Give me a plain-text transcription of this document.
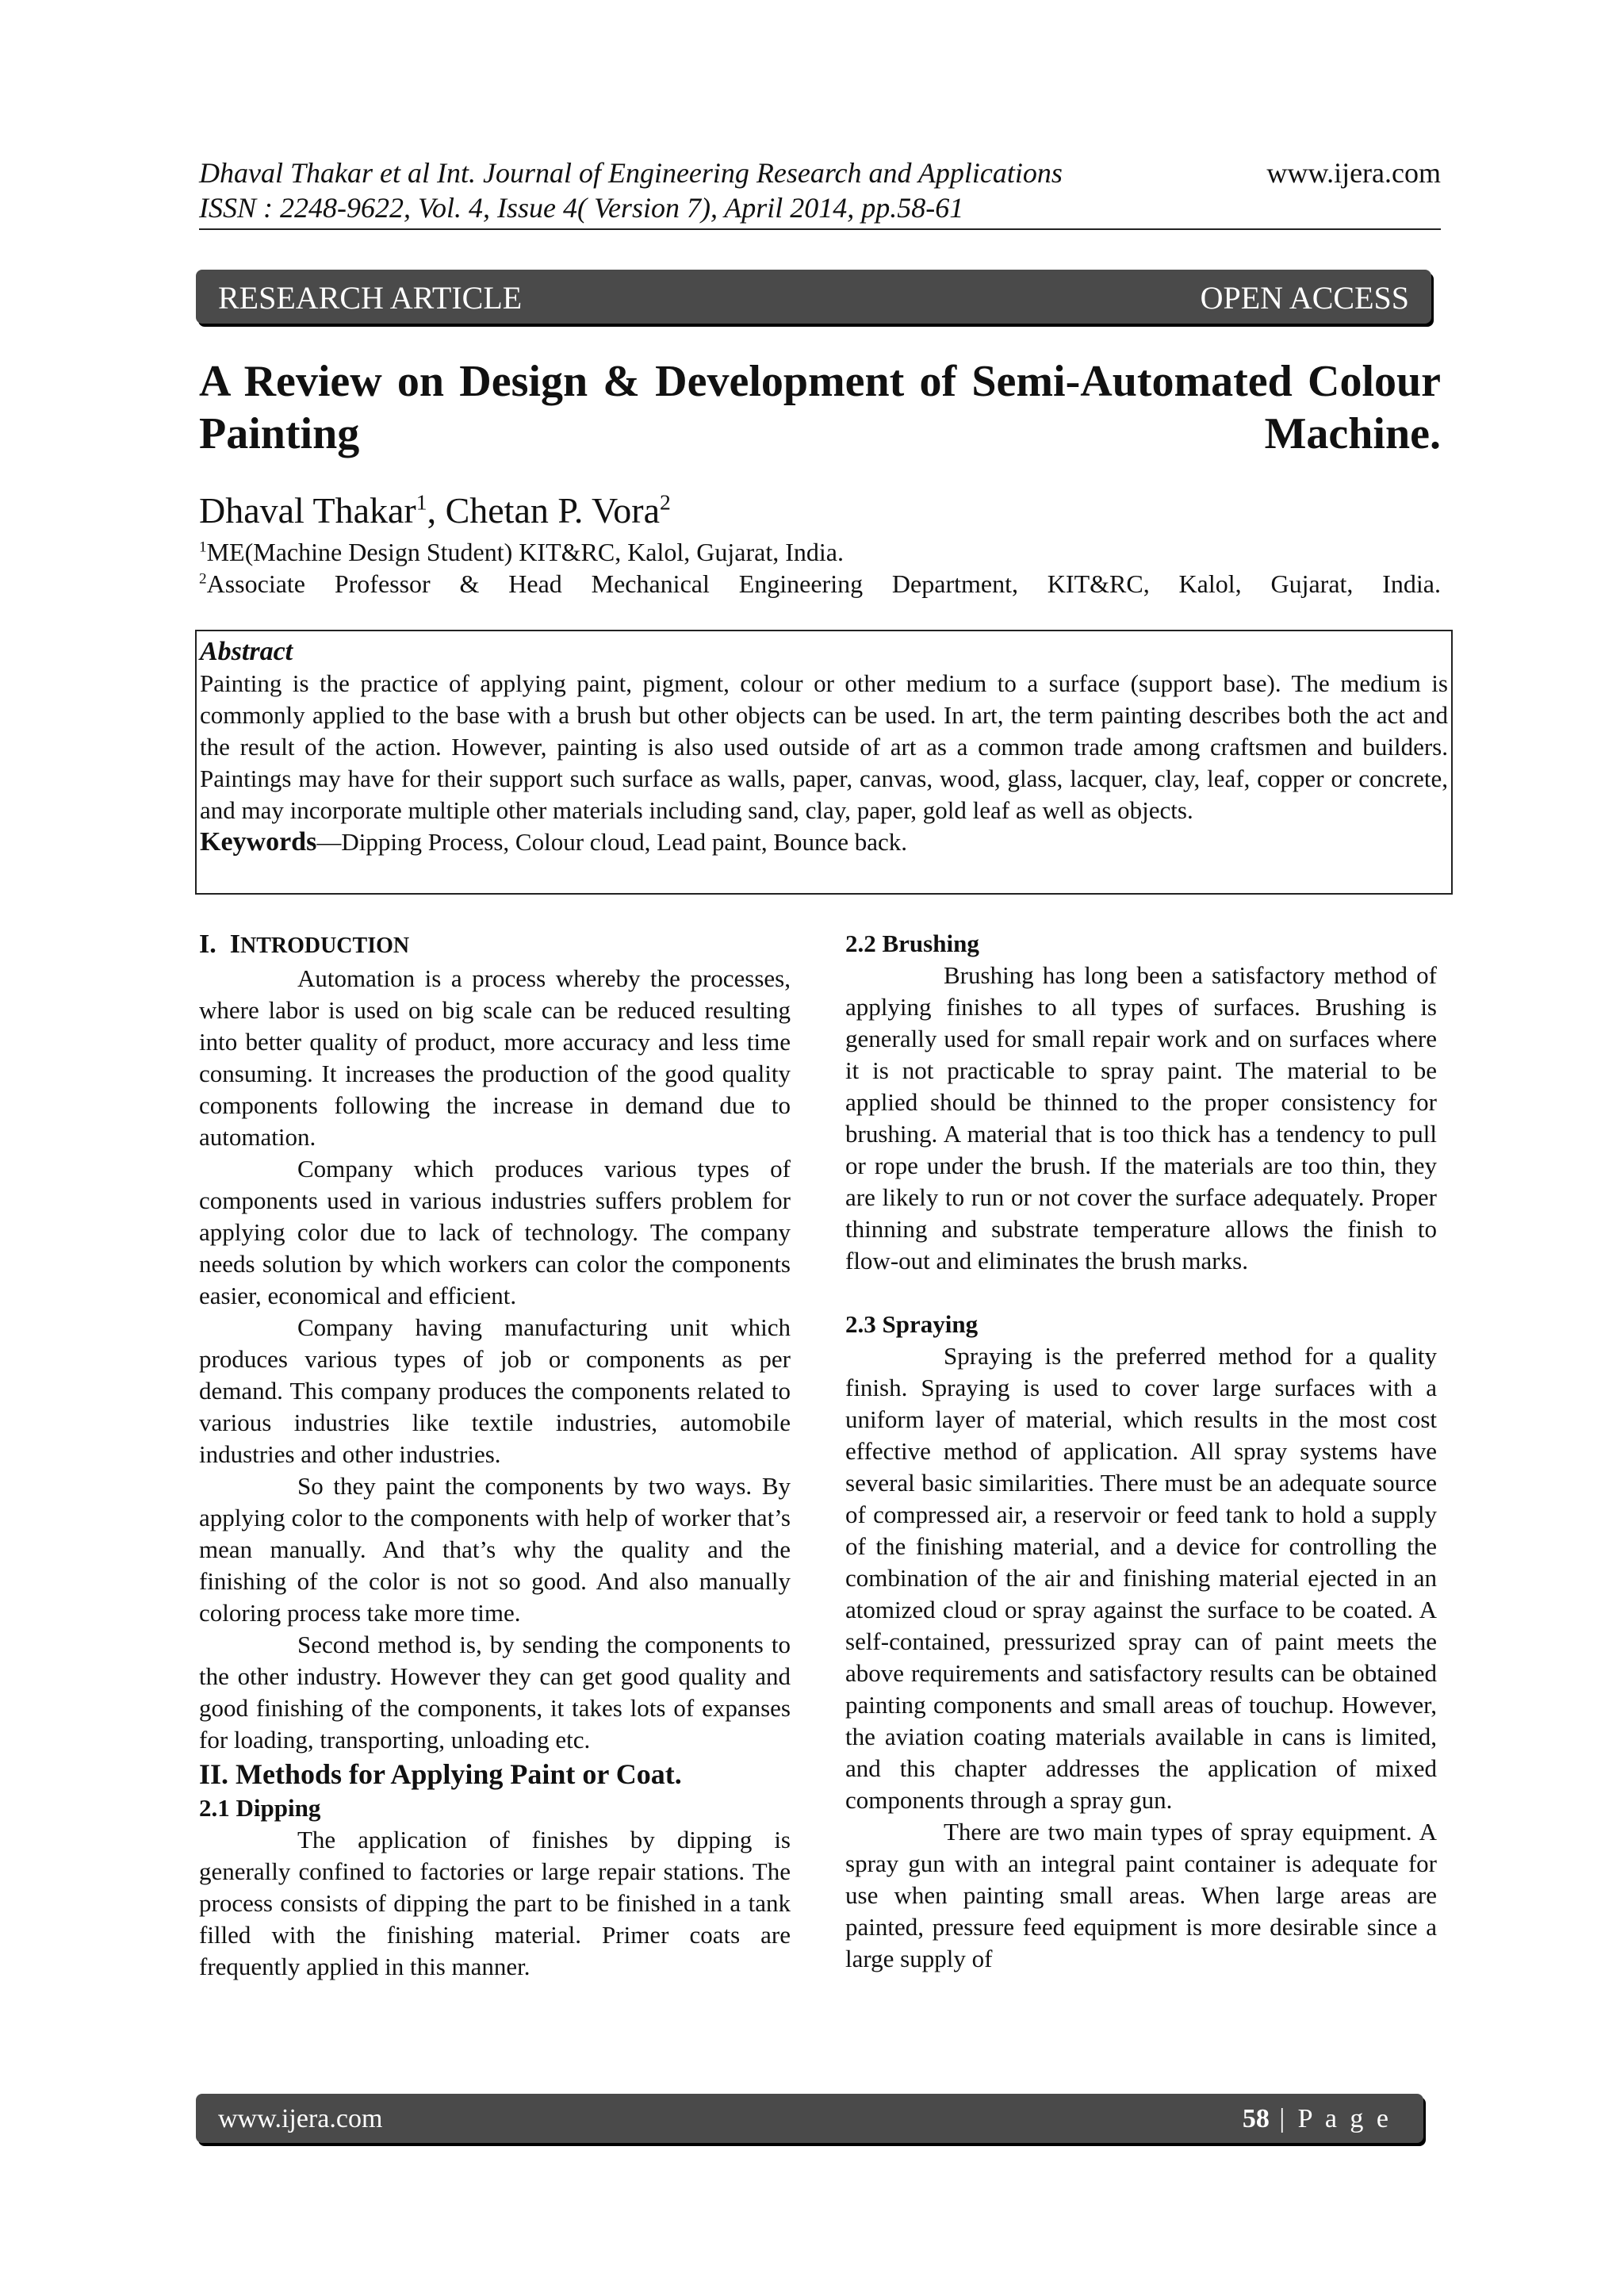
Dhaval Thakar et al Int. Journal of Engineering Research and Applications
ISSN : 2248-9622, Vol. 4, Issue 4( Version 7), April 2014, pp.58-61
www.ijera.com
RESEARCH ARTICLE	OPEN ACCESS
A Review on Design & Development of Semi-Automated Colour Painting Machine.
Dhaval Thakar$^1$, Chetan P. Vora$^2$
$^1$ME(Machine Design Student) KIT&RC, Kalol, Gujarat, India.
$^2$Associate Professor & Head Mechanical Engineering Department, KIT&RC, Kalol, Gujarat, India.
Abstract
Painting is the practice of applying paint, pigment, colour or other medium to a surface (support base). The medium is commonly applied to the base with a brush but other objects can be used. In art, the term painting describes both the act and the result of the action. However, painting is also used outside of art as a common trade among craftsmen and builders. Paintings may have for their support such surface as walls, paper, canvas, wood, glass, lacquer, clay, leaf, copper or concrete, and may incorporate multiple other materials including sand, clay, paper, gold leaf as well as objects.
Keywords—Dipping Process, Colour cloud, Lead paint, Bounce back.

I. INTRODUCTION

Automation is a process whereby the processes, where labor is used on big scale can be reduced resulting into better quality of product, more accuracy and less time consuming. It increases the production of the good quality components following the increase in demand due to automation.

Company which produces various types of components used in various industries suffers problem for applying color due to lack of technology. The company needs solution by which workers can color the components easier, economical and efficient.

Company having manufacturing unit which produces various types of job or components as per demand. This company produces the components related to various industries like textile industries, automobile industries and other industries.

So they paint the components by two ways. By applying color to the components with help of worker that’s mean manually. And that’s why the quality and the finishing of the color is not so good. And also manually coloring process take more time.

Second method is, by sending the components to the other industry. However they can get good quality and good finishing of the components, it takes lots of expanses for loading, transporting, unloading etc.

II. Methods for Applying Paint or Coat.

2.1 Dipping

The application of finishes by dipping is generally confined to factories or large repair stations. The process consists of dipping the part to be finished in a tank filled with the finishing material. Primer coats are frequently applied in this manner.

2.2 Brushing

Brushing has long been a satisfactory method of applying finishes to all types of surfaces. Brushing is generally used for small repair work and on surfaces where it is not practicable to spray paint. The material to be applied should be thinned to the proper consistency for brushing. A material that is too thick has a tendency to pull or rope under the brush. If the materials are too thin, they are likely to run or not cover the surface adequately. Proper thinning and substrate temperature allows the finish to flow-out and eliminates the brush marks.

2.3 Spraying

Spraying is the preferred method for a quality finish. Spraying is used to cover large surfaces with a uniform layer of material, which results in the most cost effective method of application. All spray systems have several basic similarities. There must be an adequate source of compressed air, a reservoir or feed tank to hold a supply of the finishing material, and a device for controlling the combination of the air and finishing material ejected in an atomized cloud or spray against the surface to be coated. A self-contained, pressurized spray can of paint meets the above requirements and satisfactory results can be obtained painting components and small areas of touchup. However, the aviation coating materials available in cans is limited, and this chapter addresses the application of mixed components through a spray gun.

There are two main types of spray equipment. A spray gun with an integral paint container is adequate for use when painting small areas. When large areas are painted, pressure feed equipment is more desirable since a large supply of

www.ijera.com	58 | P a g e
